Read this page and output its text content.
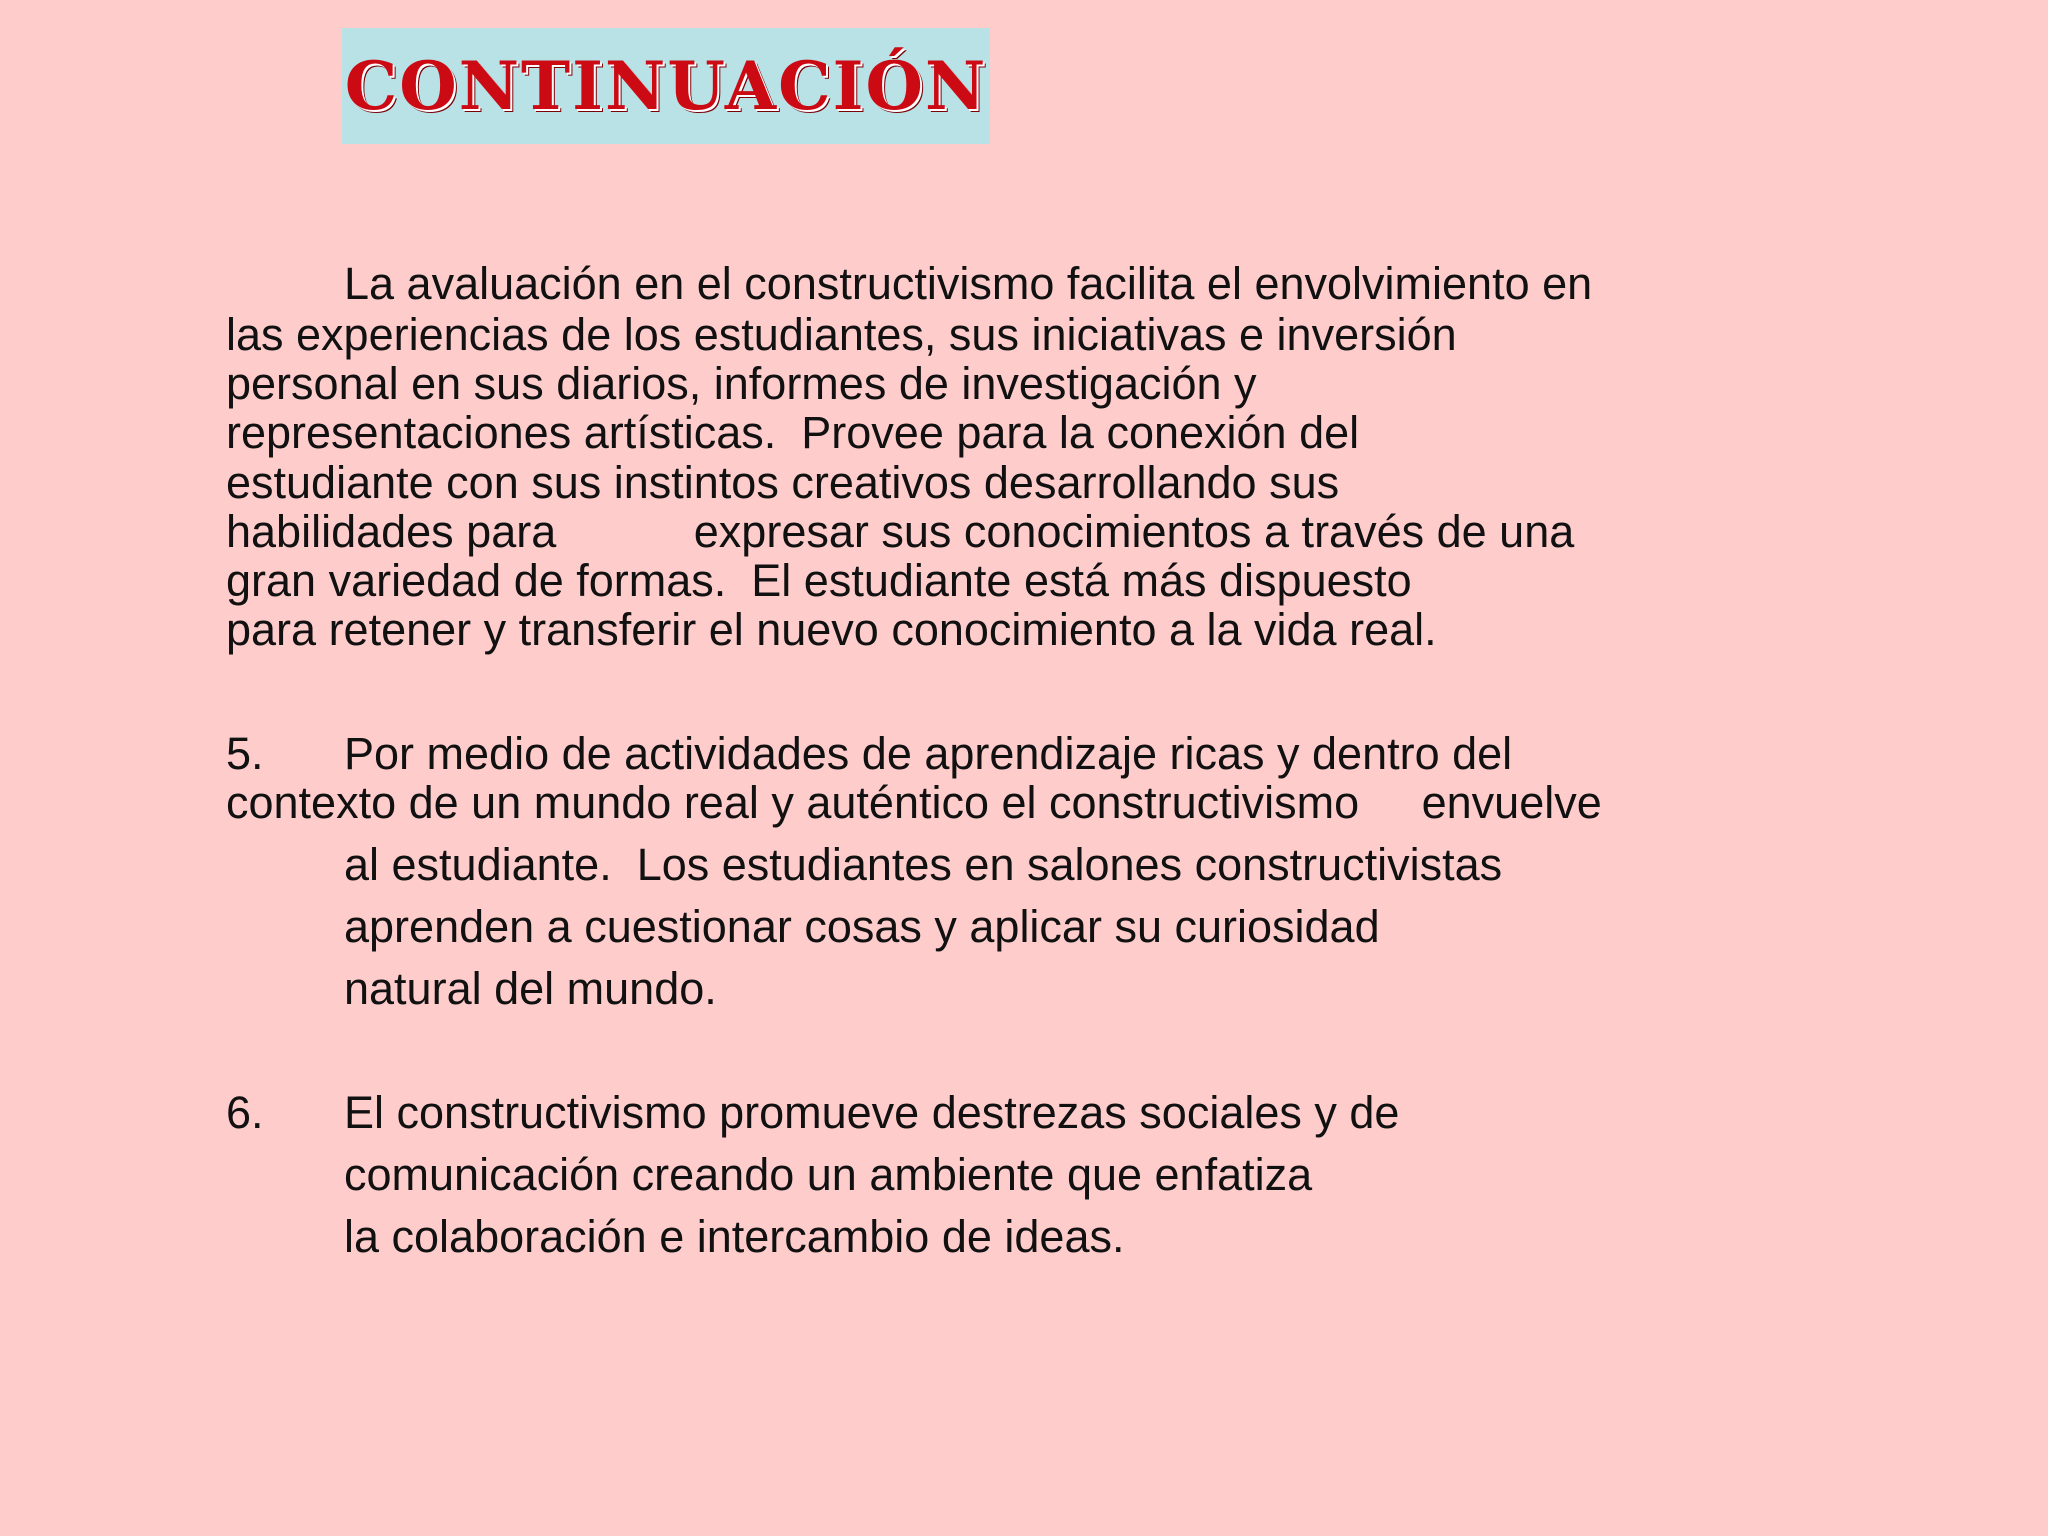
CONTINUACIÓN
La avaluación en el constructivismo facilita el envolvimiento en
las experiencias de los estudiantes, sus iniciativas e inversión
personal en sus diarios, informes de investigación y
representaciones artísticas.  Provee para la conexión del
estudiante con sus instintos creativos desarrollando sus
habilidades para           expresar sus conocimientos a través de una
gran variedad de formas.  El estudiante está más dispuesto
para retener y transferir el nuevo conocimiento a la vida real.
5. Por medio de actividades de aprendizaje ricas y dentro del
contexto de un mundo real y auténtico el constructivismo     envuelve
al estudiante.  Los estudiantes en salones constructivistas
aprenden a cuestionar cosas y aplicar su curiosidad
natural del mundo.
6. El constructivismo promueve destrezas sociales y de
comunicación creando un ambiente que enfatiza
la colaboración e intercambio de ideas.
